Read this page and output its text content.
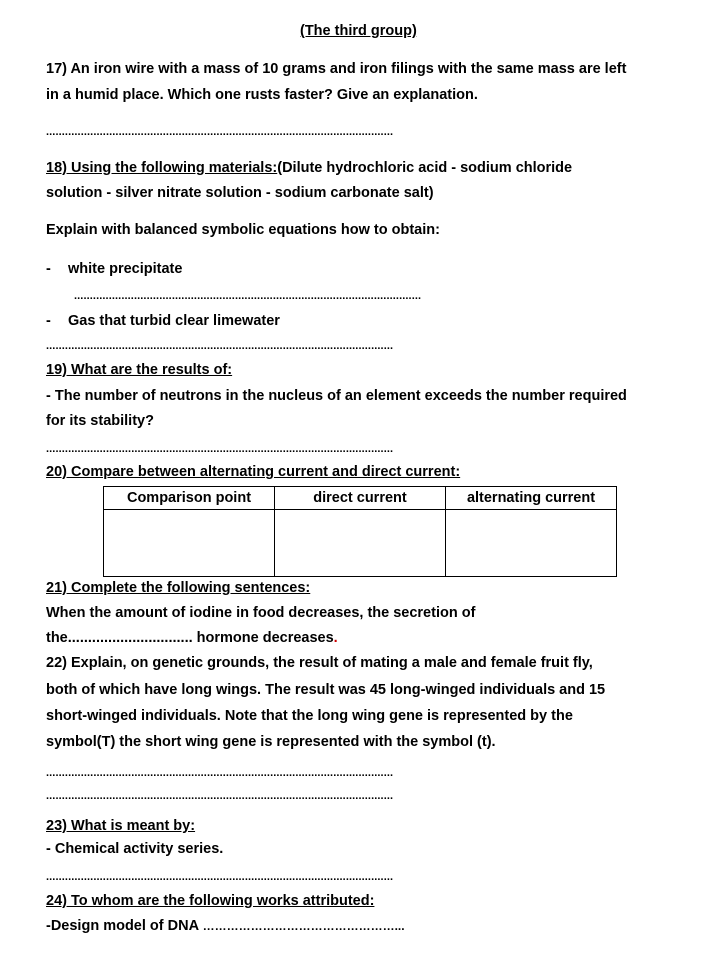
(The third group)
17) An iron wire with a mass of 10 grams and iron filings with the same mass are left
in a humid place. Which one rusts faster? Give an explanation.
..............................................................................................................
18) Using the following materials:(Dilute hydrochloric acid - sodium chloride
solution - silver nitrate solution - sodium carbonate salt)
Explain with balanced symbolic equations how to obtain:
- white precipitate
..............................................................................................................
- Gas that turbid clear limewater
..............................................................................................................
19) What are the results of:
- The number of neutrons in the nucleus of an element exceeds the number required
for its stability?
..............................................................................................................
20) Compare between alternating current and direct current:
Comparison point	direct current	alternating current

21) Complete the following sentences:
When the amount of iodine in food decreases, the secretion of
the............................... hormone decreases.
22) Explain, on genetic grounds, the result of mating a male and female fruit fly,
both of which have long wings. The result was 45 long-winged individuals and 15
short-winged individuals. Note that the long wing gene is represented by the
symbol(T) the short wing gene is represented with the symbol (t).
..............................................................................................................
..............................................................................................................
23) What is meant by:
- Chemical activity series.
..............................................................................................................
24) To whom are the following works attributed:
-Design model of DNA …………………………………………...
